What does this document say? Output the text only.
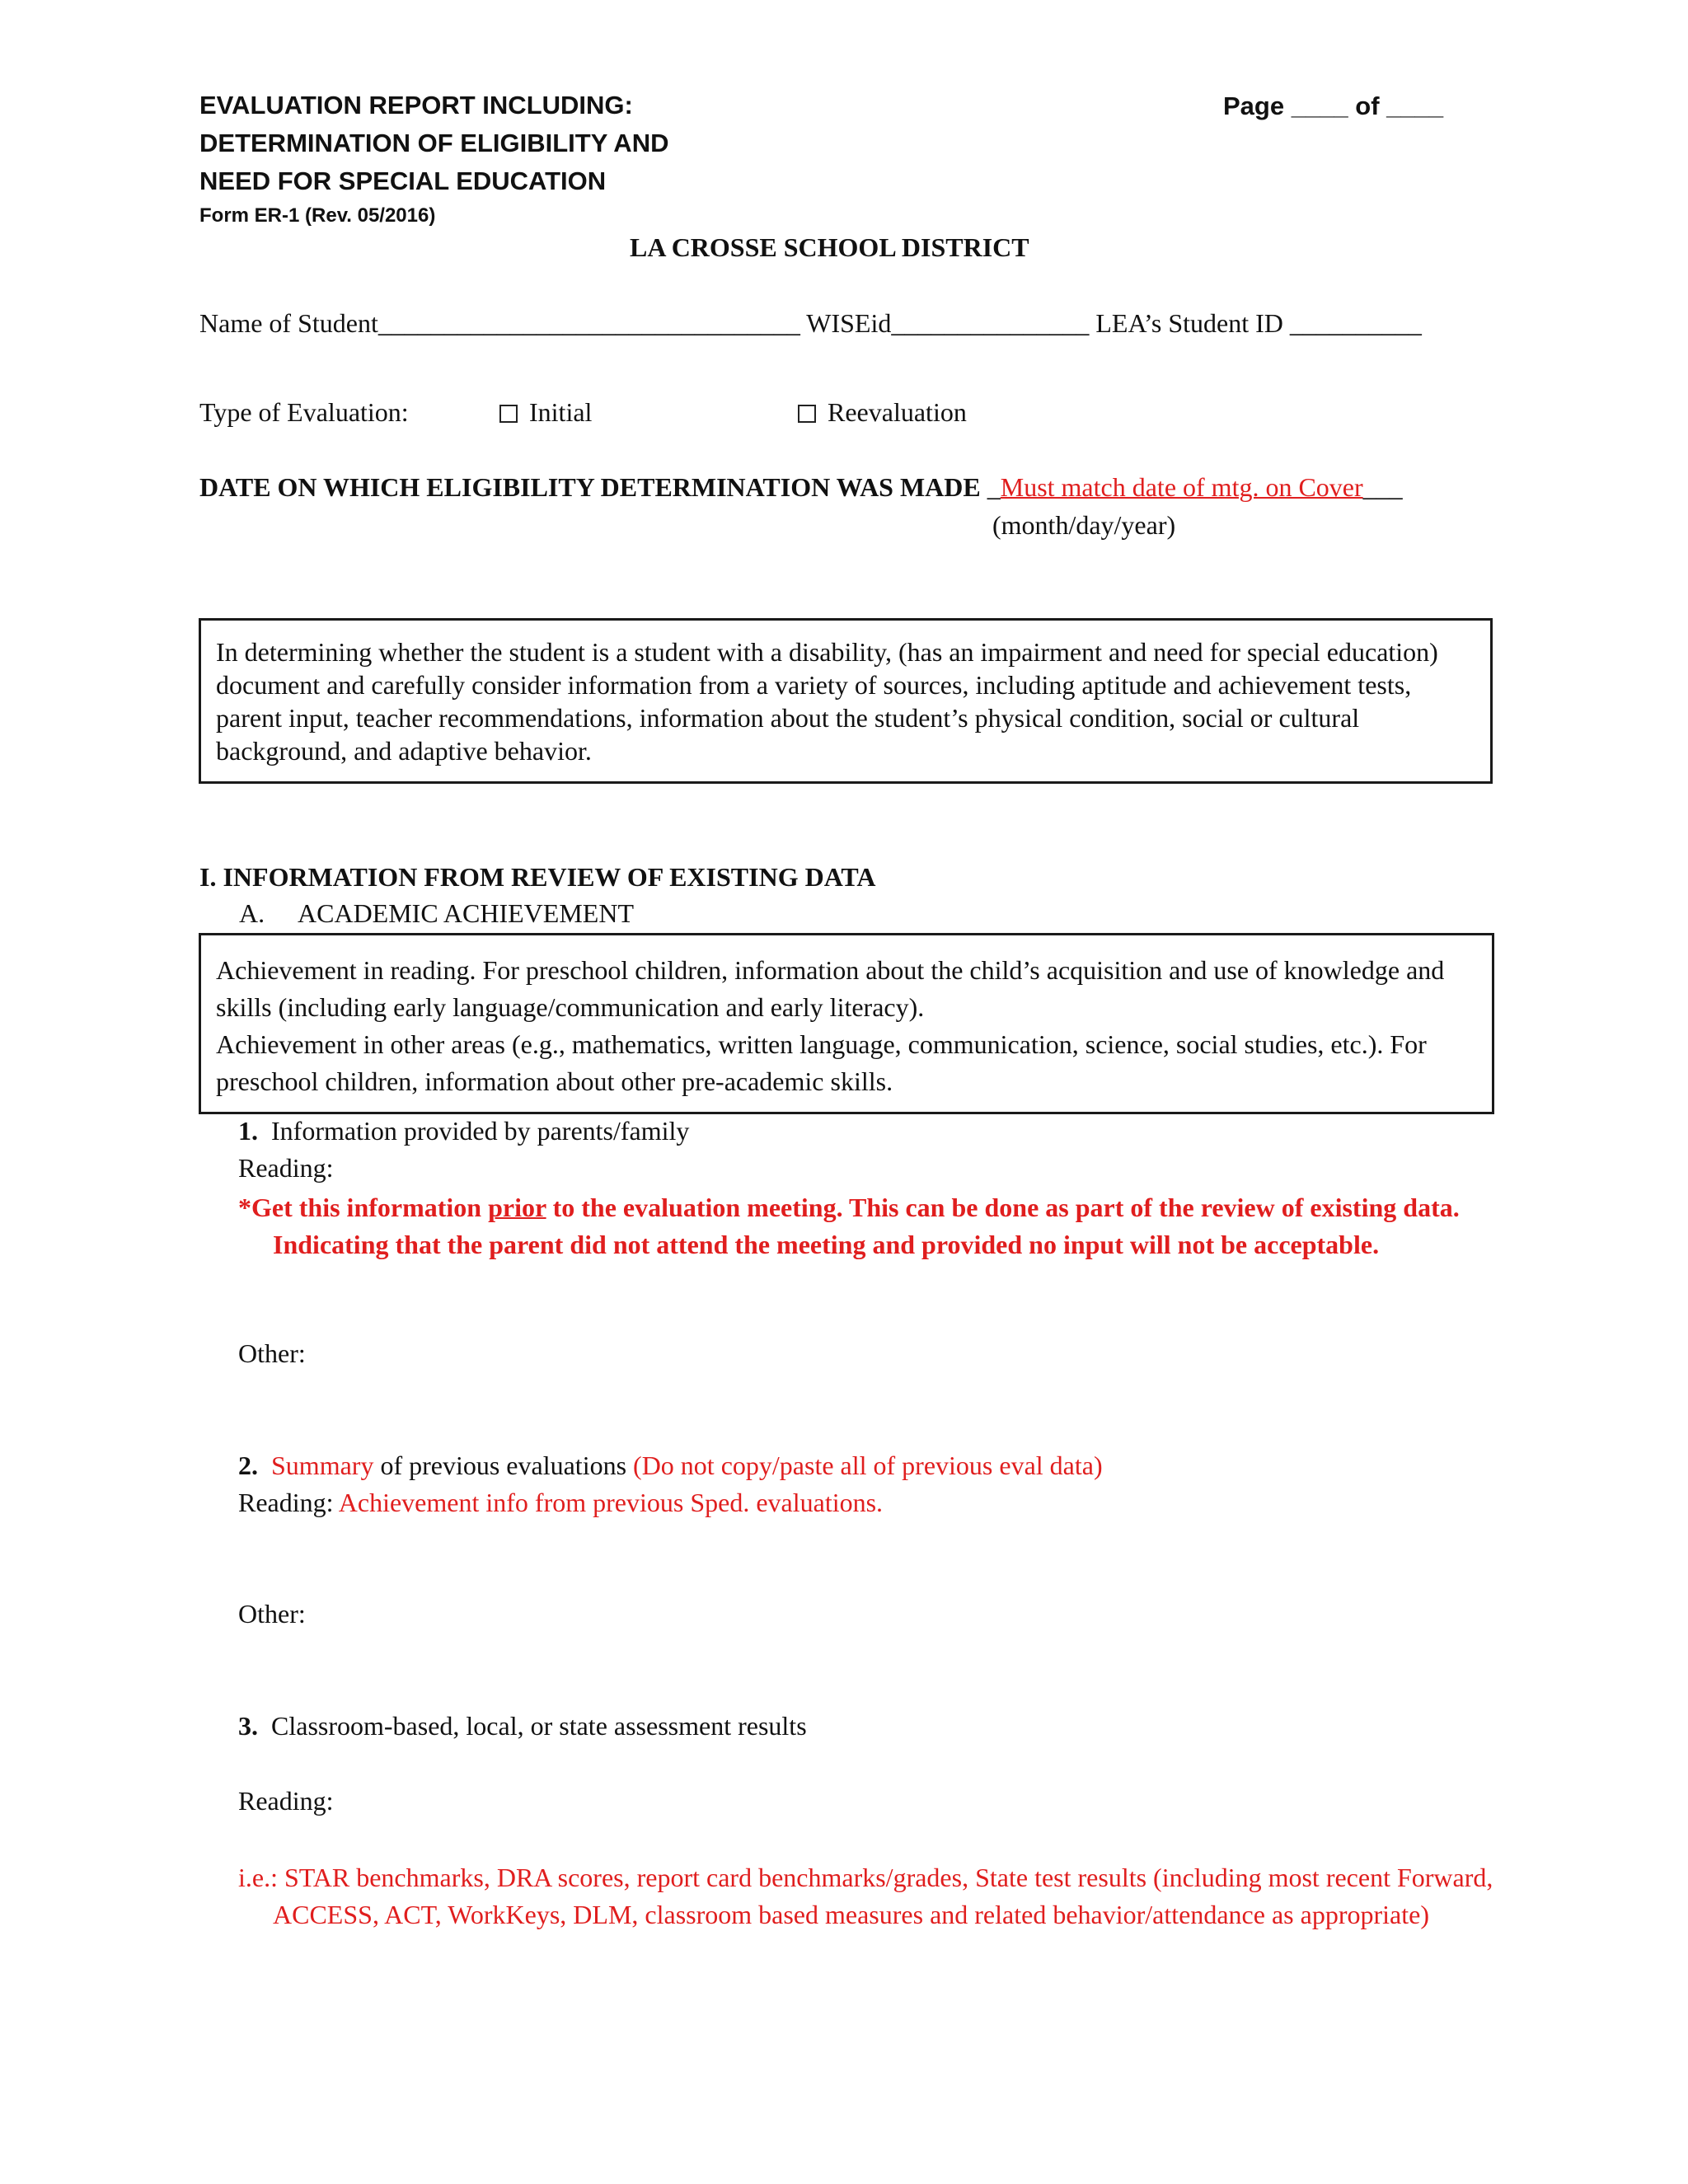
EVALUATION REPORT INCLUDING:
DETERMINATION OF ELIGIBILITY AND
NEED FOR SPECIAL EDUCATION
Form ER-1 (Rev. 05/2016)
Page ____ of ____
LA CROSSE SCHOOL DISTRICT
Name of Student________________________________ WISEid_______________ LEA’s Student ID __________
Type of Evaluation:	Initial	Reevaluation
DATE ON WHICH ELIGIBILITY DETERMINATION WAS MADE _Must match date of mtg. on Cover___
(month/day/year)
In determining whether the student is a student with a disability, (has an impairment and need for special education) document and carefully consider information from a variety of sources, including aptitude and achievement tests, parent input, teacher recommendations, information about the student’s physical condition, social or cultural background, and adaptive behavior.
I. INFORMATION FROM REVIEW OF EXISTING DATA
A. ACADEMIC ACHIEVEMENT
Achievement in reading. For preschool children, information about the child’s acquisition and use of knowledge and skills (including early language/communication and early literacy).
Achievement in other areas (e.g., mathematics, written language, communication, science, social studies, etc.). For preschool children, information about other pre-academic skills.
1. Information provided by parents/family
Reading:
*Get this information prior to the evaluation meeting. This can be done as part of the review of existing data. Indicating that the parent did not attend the meeting and provided no input will not be acceptable.
Other:
2. Summary of previous evaluations (Do not copy/paste all of previous eval data)
Reading: Achievement info from previous Sped. evaluations.
Other:
3. Classroom-based, local, or state assessment results
Reading:
i.e.: STAR benchmarks, DRA scores, report card benchmarks/grades, State test results (including most recent Forward, ACCESS, ACT, WorkKeys, DLM, classroom based measures and related behavior/attendance as appropriate)
